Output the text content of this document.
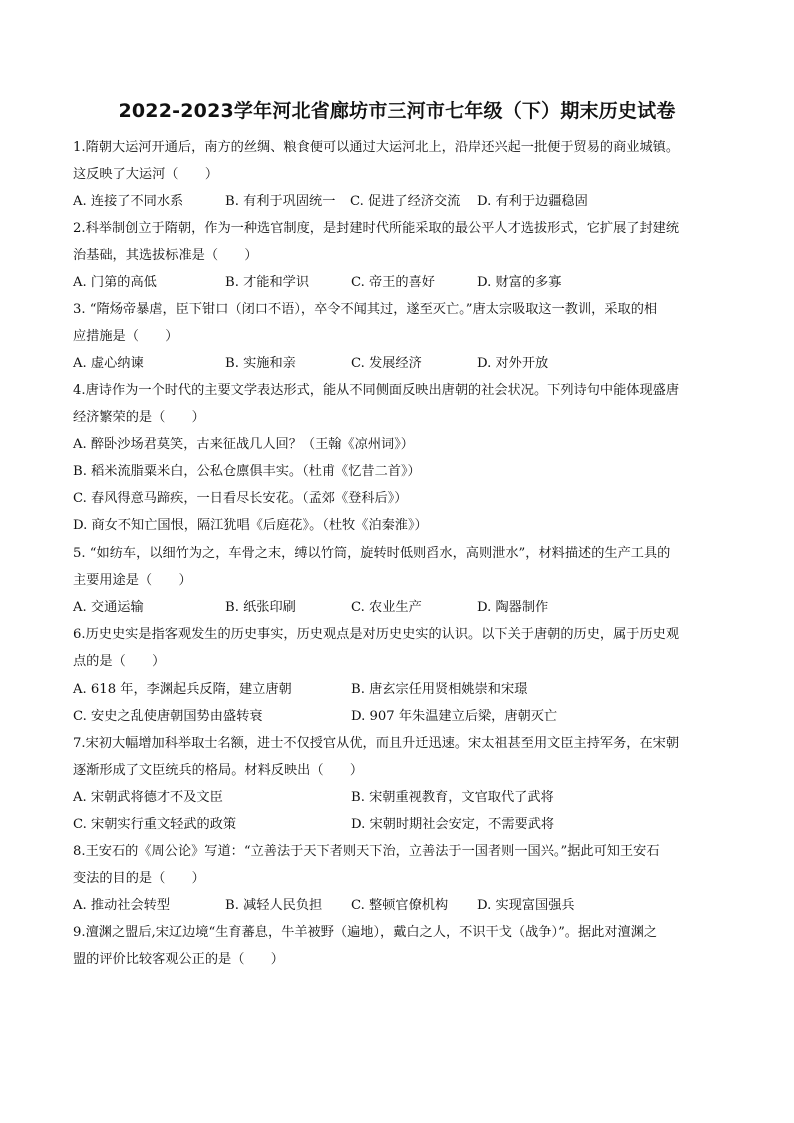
2022-2023学年河北省廊坊市三河市七年级（下）期末历史试卷
1.隋朝大运河开通后，南方的丝绸、粮食便可以通过大运河北上，沿岸还兴起一批便于贸易的商业城镇。
这反映了大运河（　　）
A. 连接了不同水系	B. 有利于巩固统一 C. 促进了经济交流 D. 有利于边疆稳固
2.科举制创立于隋朝，作为一种选官制度，是封建时代所能采取的最公平人才选拔形式，它扩展了封建统
治基础，其选拔标准是（　　）
A. 门第的高低	B. 才能和学识	C. 帝王的喜好	D. 财富的多寡
3. “隋炀帝暴虐，臣下钳口（闭口不语），卒令不闻其过，遂至灭亡。”唐太宗吸取这一教训，采取的相
应措施是（　　）
A. 虚心纳谏	B. 实施和亲	C. 发展经济	D. 对外开放
4.唐诗作为一个时代的主要文学表达形式，能从不同侧面反映出唐朝的社会状况。下列诗句中能体现盛唐
经济繁荣的是（　　）
A. 醉卧沙场君莫笑，古来征战几人回？（王翰《凉州词》）
B. 稻米流脂粟米白，公私仓廪俱丰实。（杜甫《忆昔二首》）
C. 春风得意马蹄疾，一日看尽长安花。（孟郊《登科后》）
D. 商女不知亡国恨，隔江犹唱《后庭花》。（杜牧《泊秦淮》）
5. “如纺车，以细竹为之，车骨之末，缚以竹筒，旋转时低则舀水，高则泄水”，材料描述的生产工具的
主要用途是（　　）
A. 交通运输	B. 纸张印刷	C. 农业生产	D. 陶器制作
6.历史史实是指客观发生的历史事实，历史观点是对历史史实的认识。以下关于唐朝的历史，属于历史观
点的是（　　）
A. 618 年，李渊起兵反隋，建立唐朝	B. 唐玄宗任用贤相姚崇和宋璟
C. 安史之乱使唐朝国势由盛转衰	D. 907 年朱温建立后梁，唐朝灭亡
7.宋初大幅增加科举取士名额，进士不仅授官从优，而且升迁迅速。宋太祖甚至用文臣主持军务，在宋朝
逐渐形成了文臣统兵的格局。材料反映出（　　）
A. 宋朝武将德才不及文臣	B. 宋朝重视教育，文官取代了武将
C. 宋朝实行重文轻武的政策	D. 宋朝时期社会安定，不需要武将
8.王安石的《周公论》写道：“立善法于天下者则天下治，立善法于一国者则一国兴。”据此可知王安石
变法的目的是（　　）
A. 推动社会转型	B. 减轻人民负担 C. 整顿官僚机构 D. 实现富国强兵
9.澶渊之盟后,宋辽边境“生育蕃息，牛羊被野（遍地），戴白之人，不识干戈（战争）”。据此对澶渊之
盟的评价比较客观公正的是（　　）
